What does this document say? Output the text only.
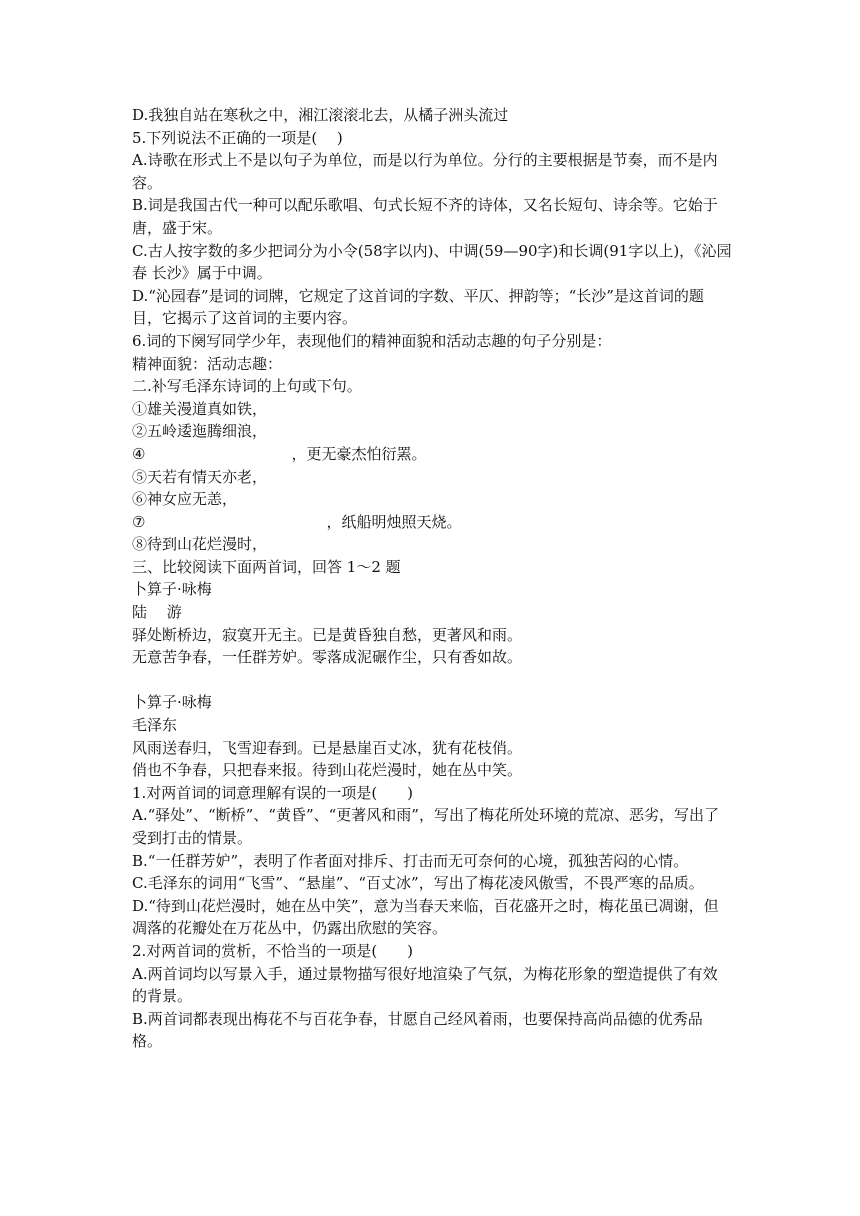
D.我独自站在寒秋之中，湘江滚滚北去，从橘子洲头流过
5.下列说法不正确的一项是(　 )
A.诗歌在形式上不是以句子为单位，而是以行为单位。分行的主要根据是节奏，而不是内容。
B.词是我国古代一种可以配乐歌唱、句式长短不齐的诗体，又名长短句、诗余等。它始于唐，盛于宋。
C.古人按字数的多少把词分为小令(58字以内)、中调(59—90字)和长调(91字以上)，《沁园春 长沙》属于中调。
D.“沁园春”是词的词牌，它规定了这首词的字数、平仄、押韵等；“长沙”是这首词的题目，它揭示了这首词的主要内容。
6.词的下阕写同学少年，表现他们的精神面貌和活动志趣的句子分别是：
精神面貌：活动志趣：
二.补写毛泽东诗词的上句或下句。
①雄关漫道真如铁，
②五岭逶迤腾细浪，
④	，更无豪杰怕衍罴。
⑤天若有情天亦老，
⑥神女应无恙，
⑦	，纸船明烛照天烧。
⑧待到山花烂漫时，
三、比较阅读下面两首词，回答 1～2 题
卜算子·咏梅
陆　 游
驿处断桥边，寂寞开无主。已是黄昏独自愁，更著风和雨。
无意苦争春，一任群芳妒。零落成泥碾作尘，只有香如故。
卜算子·咏梅
毛泽东
风雨送春归，飞雪迎春到。已是悬崖百丈冰，犹有花枝俏。
俏也不争春，只把春来报。待到山花烂漫时，她在丛中笑。
1.对两首词的词意理解有误的一项是(　　)
A.“驿处”、“断桥”、“黄昏”、“更著风和雨”，写出了梅花所处环境的荒凉、恶劣，写出了受到打击的情景。
B.“一任群芳妒”，表明了作者面对排斥、打击而无可奈何的心境，孤独苦闷的心情。
C.毛泽东的词用“飞雪”、“悬崖”、“百丈冰”，写出了梅花凌风傲雪，不畏严寒的品质。
D.“待到山花烂漫时，她在丛中笑”，意为当春天来临，百花盛开之时，梅花虽已凋谢，但凋落的花瓣处在万花丛中，仍露出欣慰的笑容。
2.对两首词的赏析，不恰当的一项是(　　)
A.两首词均以写景入手，通过景物描写很好地渲染了气氛，为梅花形象的塑造提供了有效的背景。
B.两首词都表现出梅花不与百花争春，甘愿自己经风着雨，也要保持高尚品德的优秀品格。
